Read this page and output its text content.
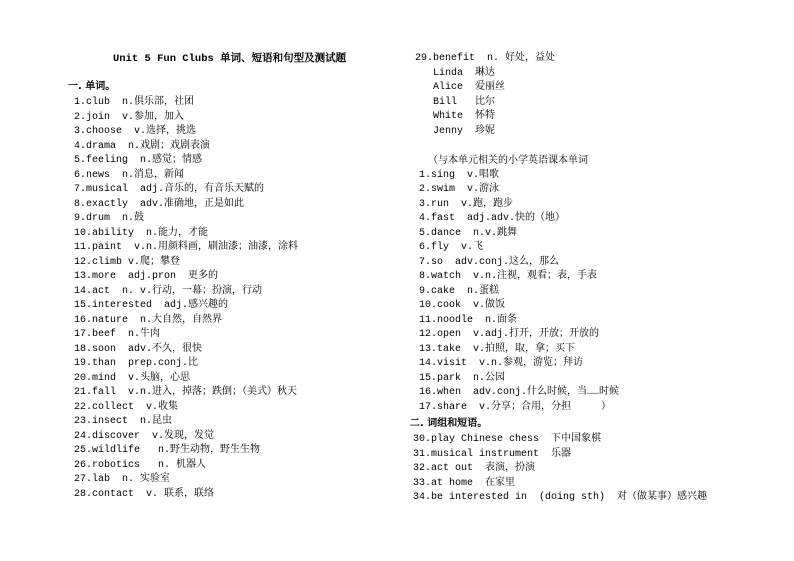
Unit 5 Fun Clubs 单词、短语和句型及测试题
一. 单词。
1.club  n.俱乐部，社团
2.join  v.参加，加入
3.choose  v.选择，挑选
4.drama  n.戏剧；戏剧表演
5.feeling  n.感觉；情感
6.news  n.消息，新闻
7.musical  adj.音乐的，有音乐天赋的
8.exactly  adv.准确地，正是如此
9.drum  n.鼓
10.ability  n.能力，才能
11.paint  v.n.用颜料画，刷油漆；油漆，涂料
12.climb v.爬；攀登
13.more  adj.pron  更多的
14.act  n. v.行动，一幕；扮演，行动
15.interested  adj.感兴趣的
16.nature  n.大自然，自然界
17.beef  n.牛肉
18.soon  adv.不久，很快
19.than  prep.conj.比
20.mind  v.头脑，心思
21.fall  v.n.进入，掉落；跌倒；（美式）秋天
22.collect  v.收集
23.insect  n.昆虫
24.discover  v.发现，发觉
25.wildlife   n.野生动物，野生生物
26.robotics   n. 机器人
27.lab  n. 实验室
28.contact  v. 联系，联络
29.benefit  n. 好处，益处
Linda  琳达
Alice  爱丽丝
Bill   比尔
White  怀特
Jenny  珍妮
（与本单元相关的小学英语课本单词
1.sing  v.唱歌
2.swim  v.游泳
3.run  v.跑，跑步
4.fast  adj.adv.快的（地）
5.dance  n.v.跳舞
6.fly  v.飞
7.so  adv.conj.这么，那么
8.watch  v.n.注视，观看；表，手表
9.cake  n.蛋糕
10.cook  v.做饭
11.noodle  n.面条
12.open  v.adj.打开，开放；开放的
13.take  v.拍照，取，拿；买下
14.visit  v.n.参观，游览；拜访
15.park  n.公园
16.when  adv.conj.什么时候，当……时候
17.share  v.分享；合用，分担     ）
二. 词组和短语。
30.play Chinese chess  下中国象棋
31.musical instrument  乐器
32.act out  表演，扮演
33.at home  在家里
34.be interested in  (doing sth)  对（做某事）感兴趣
